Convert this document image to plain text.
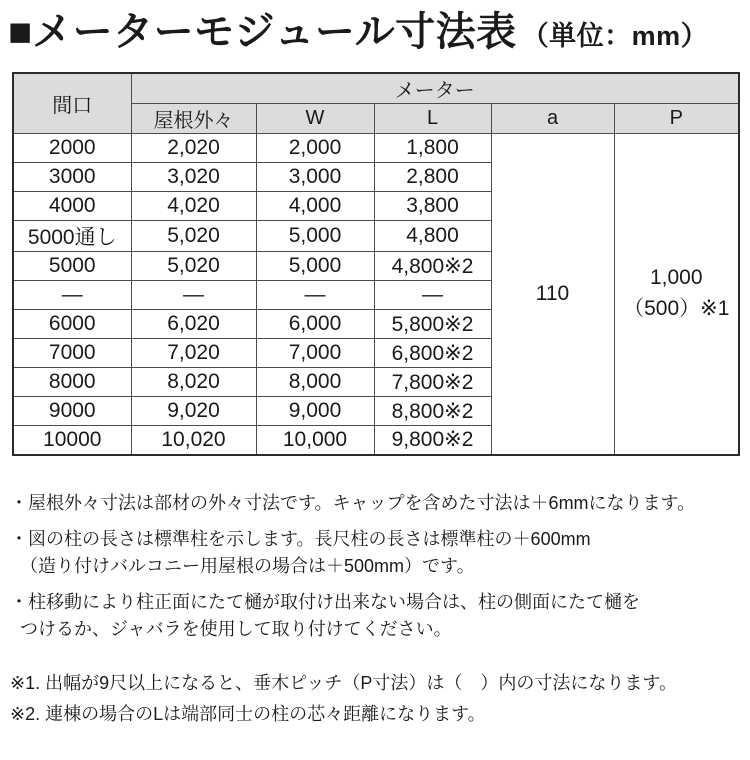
■ メーターモジュール寸法表 （単位：mm）
間口	メーター				
	屋根外々	W	L	a	P
2000	2,020	2,000	1,800	110	1,000
（500）※1

3000	3,020	3,000	2,800		
4000	4,020	4,000	3,800		
5000通し	5,020	5,000	4,800		
5000	5,020	5,000	4,800※2		
—	—	—	—		
6000	6,020	6,000	5,800※2		
7000	7,020	7,000	6,800※2		
8000	8,020	8,000	7,800※2		
9000	9,020	9,000	8,800※2		
10000	10,020	10,000	9,800※2		
・屋根外々寸法は部材の外々寸法です。キャップを含めた寸法は＋6mmになります。
・図の柱の長さは標準柱を示します。長尺柱の長さは標準柱の＋600mm
（造り付けバルコニー用屋根の場合は＋500mm）です。
・柱移動により柱正面にたて樋が取付け出来ない場合は、柱の側面にたて樋を
つけるか、ジャバラを使用して取り付けてください。
※1. 出幅が9尺以上になると、垂木ピッチ（P寸法）は（　）内の寸法になります。
※2. 連棟の場合のLは端部同士の柱の芯々距離になります。
